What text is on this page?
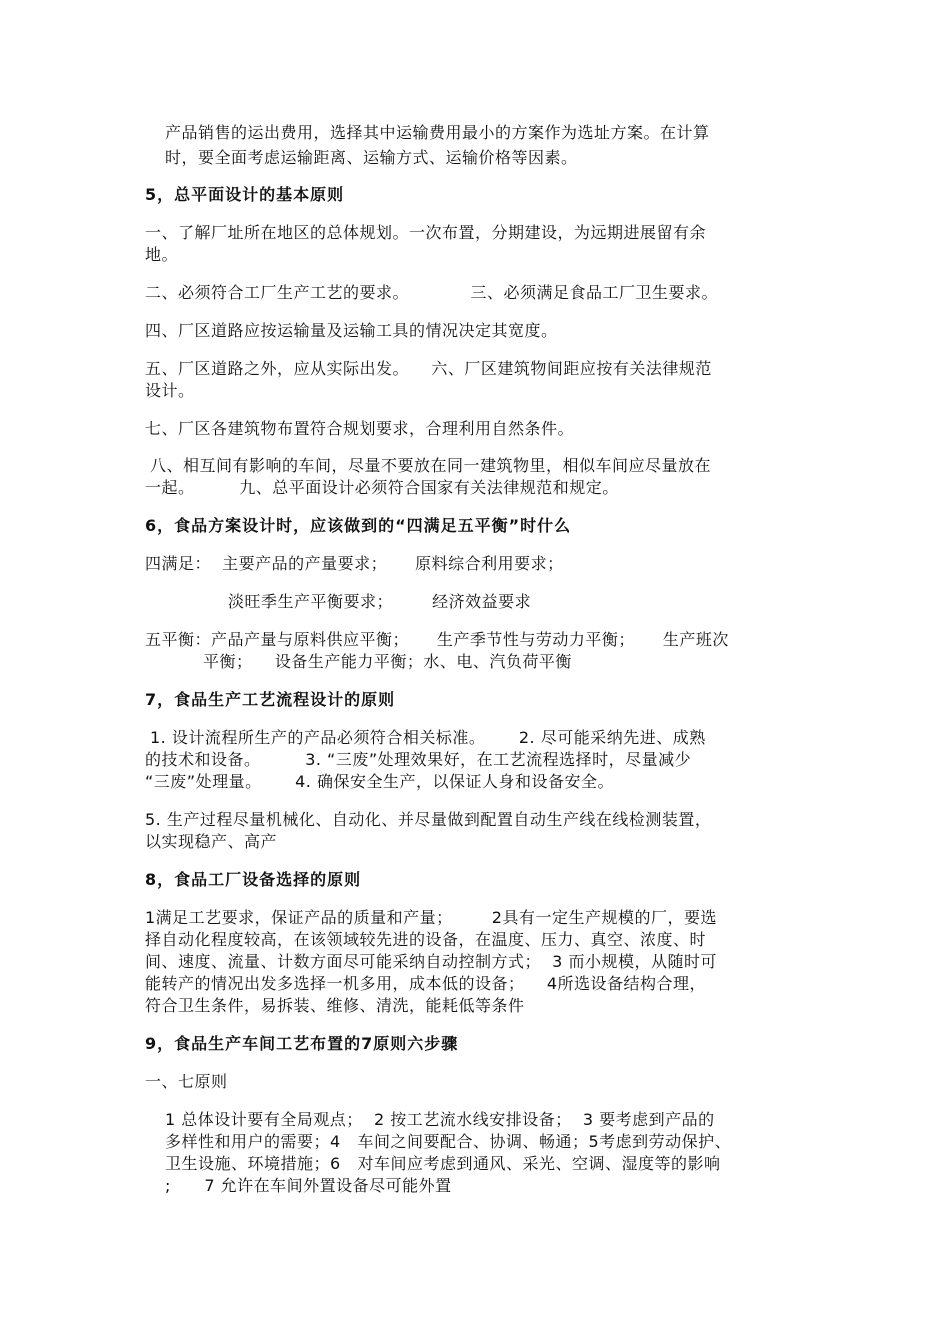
产品销售的运出费用，选择其中运输费用最小的方案作为选址方案。在计算
时，要全面考虑运输距离、运输方式、运输价格等因素。
5，总平面设计的基本原则
一、了解厂址所在地区的总体规划。一次布置，分期建设，为远期进展留有余
地。
二、必须符合工厂生产工艺的要求。           三、必须满足食品工厂卫生要求。
四、厂区道路应按运输量及运输工具的情况决定其宽度。
五、厂区道路之外，应从实际出发。    六、厂区建筑物间距应按有关法律规范
设计。
七、厂区各建筑物布置符合规划要求，合理利用自然条件。
八、相互间有影响的车间，尽量不要放在同一建筑物里，相似车间应尽量放在
一起。        九、总平面设计必须符合国家有关法律规范和规定。
6，食品方案设计时，应该做到的“四满足五平衡”时什么
四满足：  主要产品的产量要求；     原料综合利用要求；
淡旺季生产平衡要求；       经济效益要求
五平衡：产品产量与原料供应平衡；     生产季节性与劳动力平衡；     生产班次
平衡；    设备生产能力平衡；水、电、汽负荷平衡
7，食品生产工艺流程设计的原则
1. 设计流程所生产的产品必须符合相关标准。      2. 尽可能采纳先进、成熟
的技术和设备。        3. “三废”处理效果好，在工艺流程选择时，尽量减少
“三废”处理量。      4. 确保安全生产，以保证人身和设备安全。
5. 生产过程尽量机械化、自动化、并尽量做到配置自动生产线在线检测装置，
以实现稳产、高产
8，食品工厂设备选择的原则
1满足工艺要求，保证产品的质量和产量；       2具有一定生产规模的厂，要选
择自动化程度较高，在该领域较先进的设备，在温度、压力、真空、浓度、时
间、速度、流量、计数方面尽可能采纳自动控制方式；  3 而小规模，从随时可
能转产的情况出发多选择一机多用，成本低的设备；    4所选设备结构合理，
符合卫生条件，易拆装、维修、清洗，能耗低等条件
9，食品生产车间工艺布置的7原则六步骤
一、七原则
1 总体设计要有全局观点；  2 按工艺流水线安排设备；  3 要考虑到产品的
多样性和用户的需要；4   车间之间要配合、协调、畅通；5考虑到劳动保护、
卫生设施、环境措施；6   对车间应考虑到通风、采光、空调、湿度等的影响
;      7 允许在车间外置设备尽可能外置
